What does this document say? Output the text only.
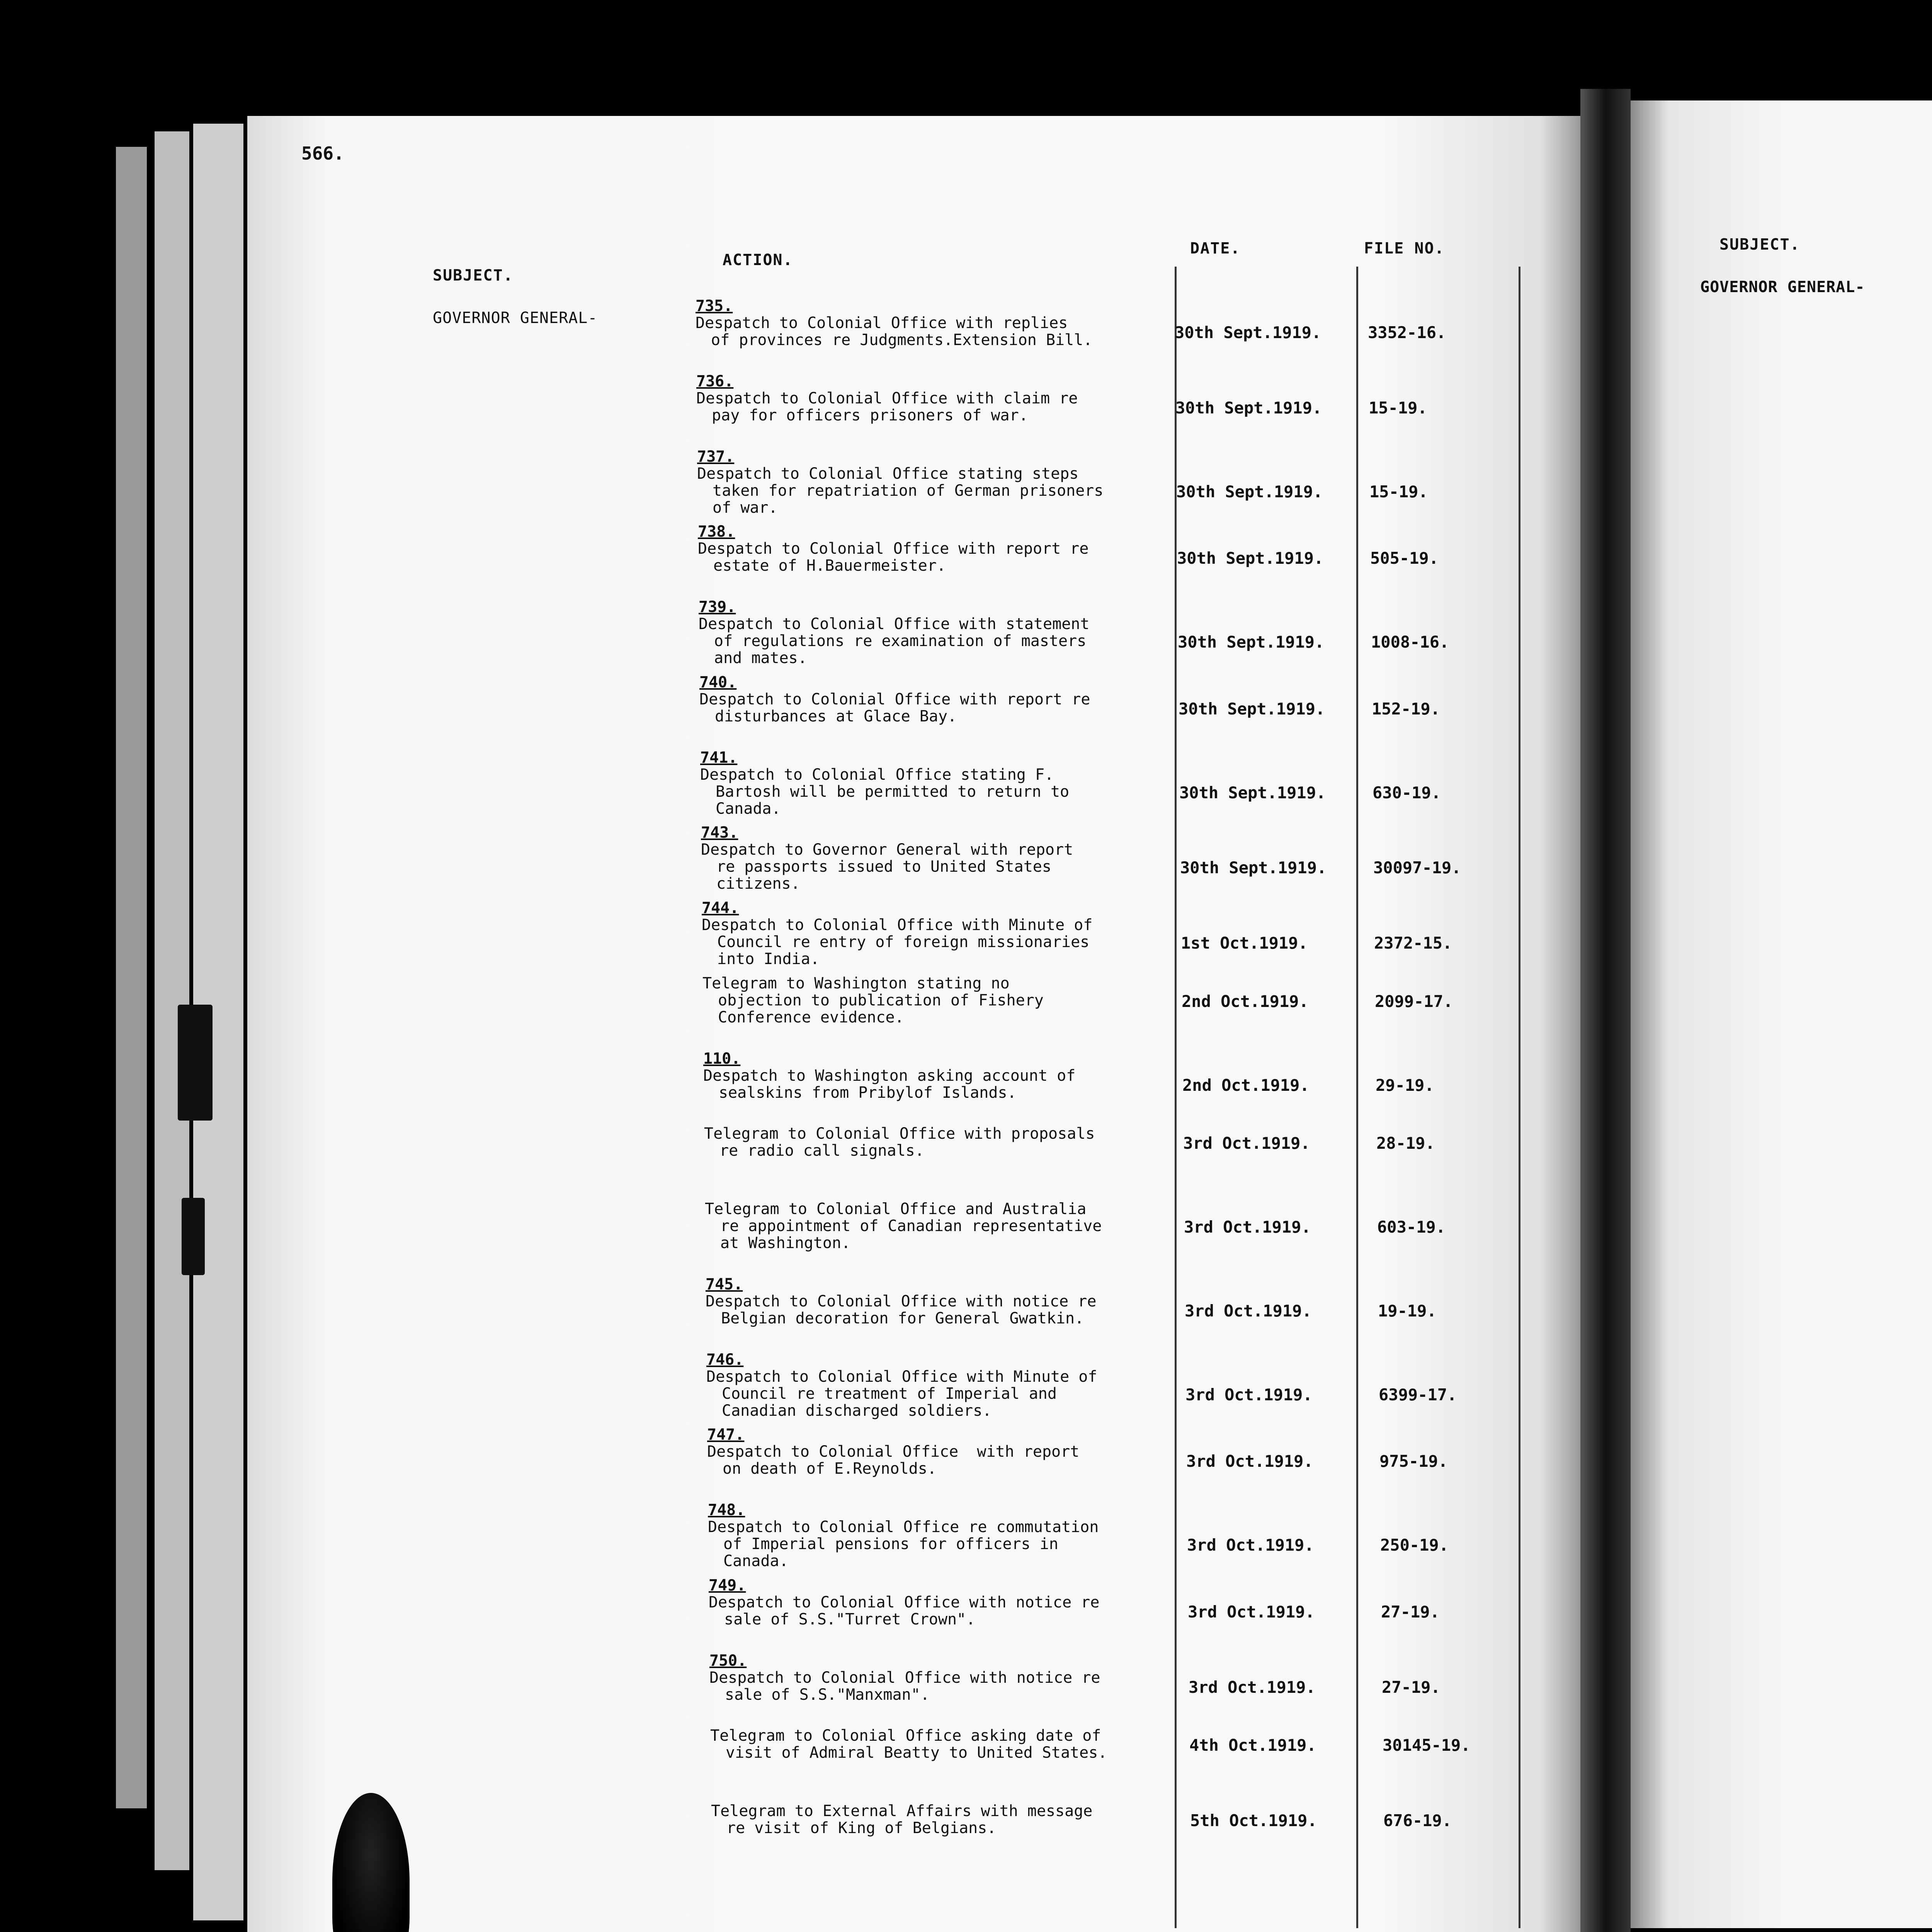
566.
SUBJECT.
ACTION.
DATE.	FILE NO.
GOVERNOR GENERAL-
735.
Despatch to Colonial Office with replies
of provinces re Judgments.Extension Bill.	30th Sept.1919.	3352-16.
736.
Despatch to Colonial Office with claim re
pay for officers prisoners of war.	30th Sept.1919.	15-19.
737.
Despatch to Colonial Office stating steps
taken for repatriation of German prisoners
of war.
30th Sept.1919.	15-19.
738.
Despatch to Colonial Office with report re
estate of H.Bauermeister.	30th Sept.1919.	505-19.
739.
Despatch to Colonial Office with statement
of regulations re examination of masters
and mates.
30th Sept.1919.	1008-16.
740.
Despatch to Colonial Office with report re
disturbances at Glace Bay.	30th Sept.1919.	152-19.
741.
Despatch to Colonial Office stating F.
Bartosh will be permitted to return to
Canada.
30th Sept.1919.	630-19.
743.
Despatch to Governor General with report
re passports issued to United States
citizens.
30th Sept.1919.	30097-19.
744.
Despatch to Colonial Office with Minute of
Council re entry of foreign missionaries
into India.
1st Oct.1919.	2372-15.
Telegram to Washington stating no
objection to publication of Fishery
Conference evidence.
2nd Oct.1919.	2099-17.
110.
Despatch to Washington asking account of
sealskins from Pribylof Islands.	2nd Oct.1919.	29-19.
Telegram to Colonial Office with proposals
re radio call signals.	3rd Oct.1919.	28-19.
Telegram to Colonial Office and Australia
re appointment of Canadian representative
at Washington.
3rd Oct.1919.	603-19.
745.
Despatch to Colonial Office with notice re
Belgian decoration for General Gwatkin.	3rd Oct.1919.	19-19.
746.
Despatch to Colonial Office with Minute of
Council re treatment of Imperial and
Canadian discharged soldiers.
3rd Oct.1919.	6399-17.
747.
Despatch to Colonial Office  with report
on death of E.Reynolds.	3rd Oct.1919.	975-19.
748.
Despatch to Colonial Office re commutation
of Imperial pensions for officers in
Canada.
3rd Oct.1919.	250-19.
749.
Despatch to Colonial Office with notice re
sale of S.S."Turret Crown".	3rd Oct.1919.	27-19.
750.
Despatch to Colonial Office with notice re
sale of S.S."Manxman".	3rd Oct.1919.	27-19.
Telegram to Colonial Office asking date of
visit of Admiral Beatty to United States.	4th Oct.1919.	30145-19.
Telegram to External Affairs with message
re visit of King of Belgians.	5th Oct.1919.	676-19.
SUBJECT.
GOVERNOR GENERAL-
